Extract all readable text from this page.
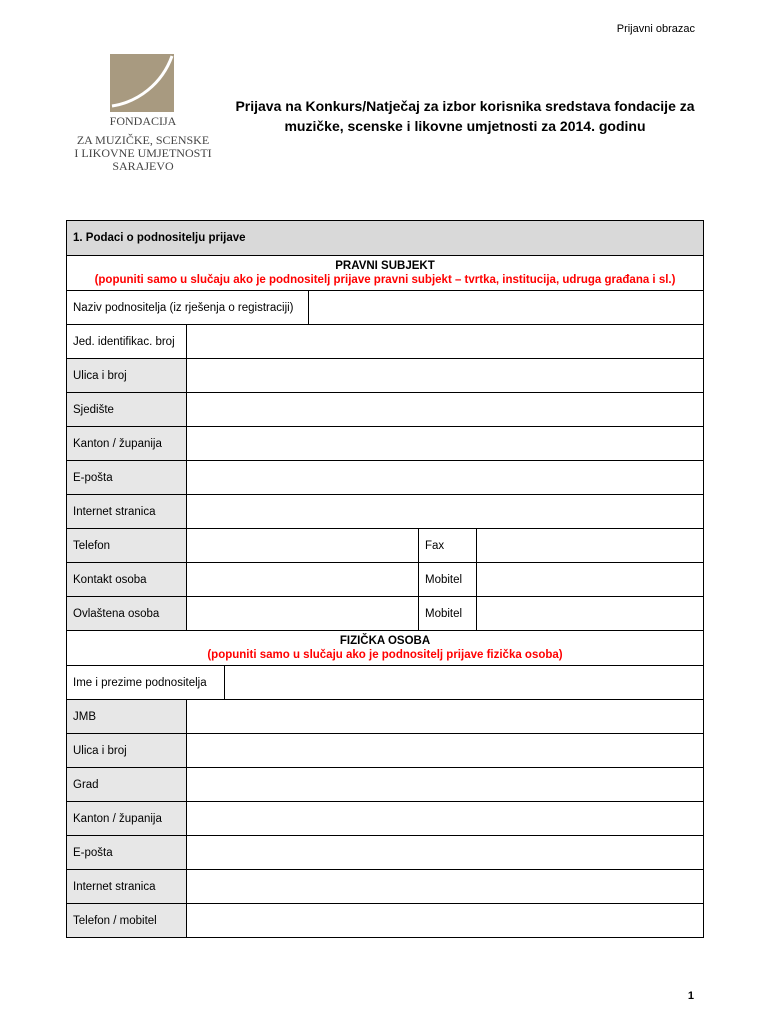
Prijavni obrazac
FONDACIJA
ZA MUZIČKE, SCENSKE
I LIKOVNE UMJETNOSTI
SARAJEVO
Prijava na Konkurs/Natječaj za izbor korisnika sredstava fondacije za
muzičke, scenske i likovne umjetnosti za 2014. godinu
1. Podaci o podnositelju prijave
PRAVNI SUBJEKT
(popuniti samo u slučaju ako je podnositelj prijave pravni subjekt – tvrtka, institucija, udruga građana i sl.)
Naziv podnositelja (iz rješenja o registraciji)
Jed. identifikac. broj
Ulica i broj
Sjedište
Kanton / županija
E-pošta
Internet stranica
Telefon	Fax
Kontakt osoba	Mobitel
Ovlaštena osoba	Mobitel
FIZIČKA OSOBA
(popuniti samo u slučaju ako je podnositelj prijave fizička osoba)
Ime i prezime podnositelja
JMB
Ulica i broj
Grad
Kanton / županija
E-pošta
Internet stranica
Telefon / mobitel
1
